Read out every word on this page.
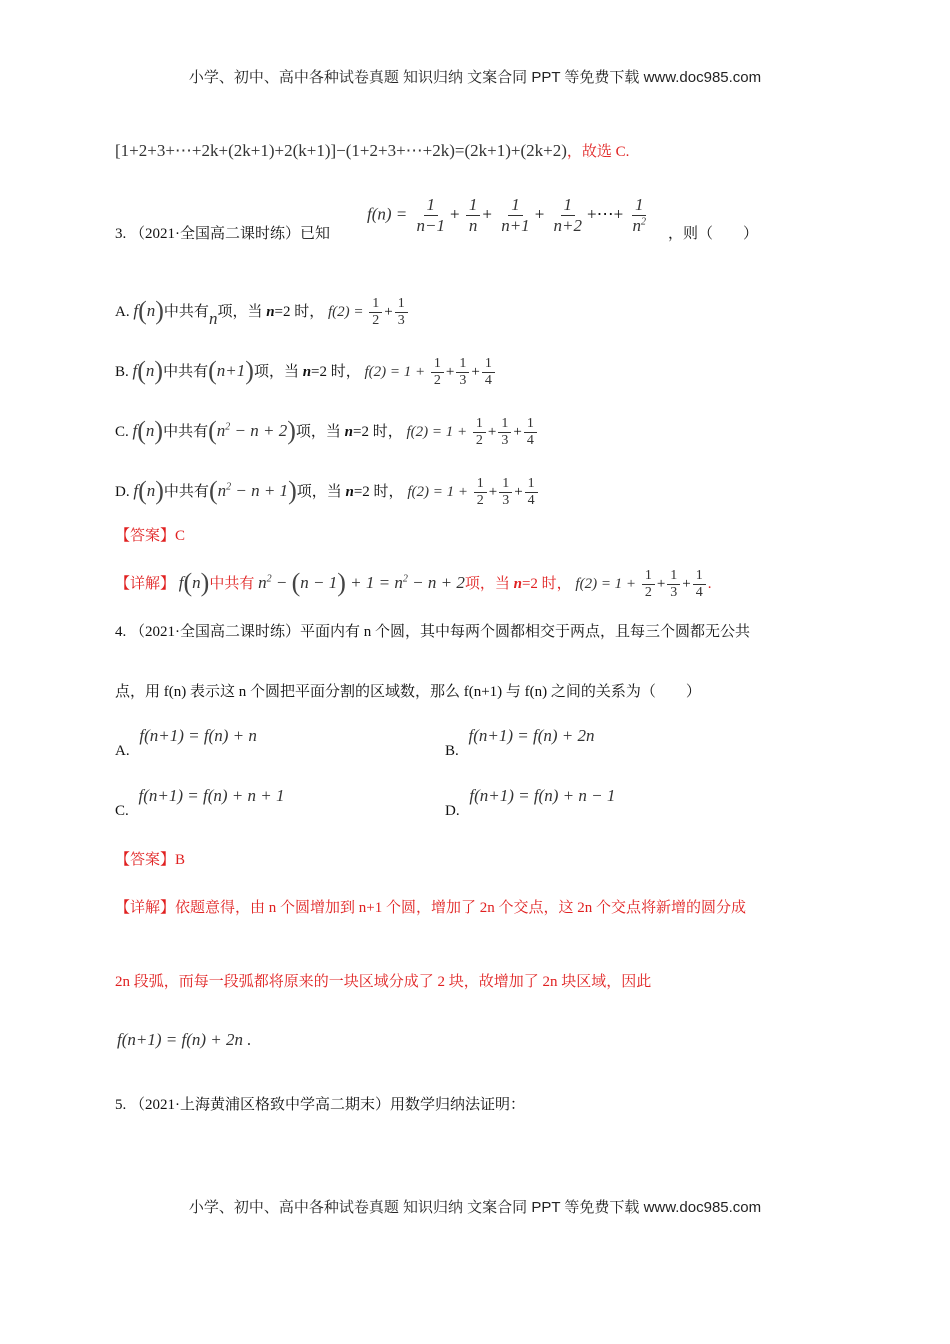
小学、初中、高中各种试卷真题 知识归纳 文案合同 PPT 等免费下载 www.doc985.com
[1+2+3+⋯+2k+(2k+1)+2(k+1)]−(1+2+3+⋯+2k)=(2k+1)+(2k+2)，故选 C.
3. （2021·全国高二课时练）已知
$f(n) = \frac{1}{n-1} + \frac{1}{n} + \frac{1}{n+1} + \frac{1}{n+2}$ +⋯+ $\frac{1}{n^2}$ ，则（　　）
A. f(n)中共有n项，当 n=2 时， $f(2) = \frac{1}{2} + \frac{1}{3}$
B. f(n)中共有(n+1)项，当 n=2 时， $f(2) = 1 + \frac{1}{2} + \frac{1}{3} + \frac{1}{4}$
C. f(n)中共有$(n^2 - n + 2)$项，当 n=2 时， $f(2) = 1 + \frac{1}{2} + \frac{1}{3} + \frac{1}{4}$
D. f(n)中共有$(n^2 - n + 1)$项，当 n=2 时， $f(2) = 1 + \frac{1}{2} + \frac{1}{3} + \frac{1}{4}$
【答案】C
【详解】 f(n)中共有 $n^2 - (n - 1) + 1 = n^2 - n + 2$项，当 n=2 时， $f(2) = 1 + \frac{1}{2} + \frac{1}{3} + \frac{1}{4}$ .
4. （2021·全国高二课时练）平面内有 n 个圆，其中每两个圆都相交于两点，且每三个圆都无公共
点，用 f(n) 表示这 n 个圆把平面分割的区域数，那么 f(n+1) 与 f(n) 之间的关系为（　　）
A. f(n+1) = f(n) + n
B. f(n+1) = f(n) + 2n
C. f(n+1) = f(n) + n + 1
D. f(n+1) = f(n) + n − 1
【答案】B
【详解】依题意得，由 n 个圆增加到 n+1 个圆，增加了 2n 个交点，这 2n 个交点将新增的圆分成
2n 段弧，而每一段弧都将原来的一块区域分成了 2 块，故增加了 2n 块区域，因此
f(n+1) = f(n) + 2n .
5. （2021·上海黄浦区格致中学高二期末）用数学归纳法证明：
小学、初中、高中各种试卷真题 知识归纳 文案合同 PPT 等免费下载 www.doc985.com
